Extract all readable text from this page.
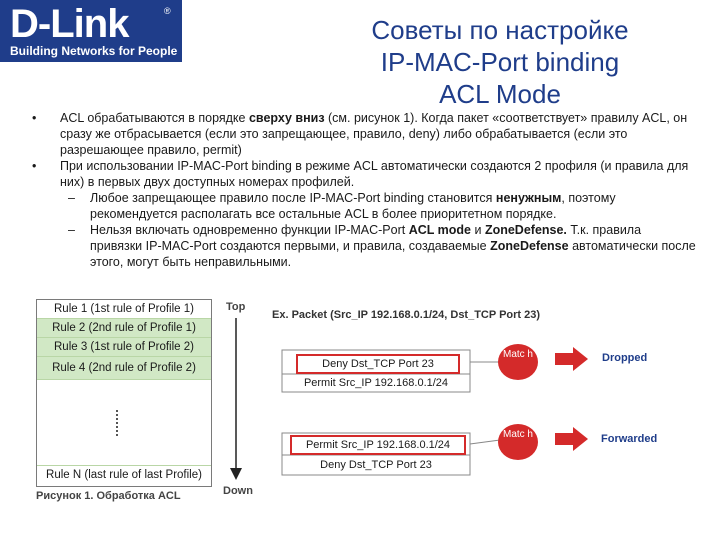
D-Link	®
Building Networks for People
Советы по настройке
IP-MAC-Port binding
ACL Mode
• ACL обрабатываются в порядке сверху вниз (см. рисунок 1). Когда пакет «соответствует» правилу ACL, он сразу же отбрасывается (если это запрещающее, правило, deny) либо обрабатывается (если это разрешающее правило, permit)
• При использовании IP-MAC-Port binding в режиме ACL автоматически создаются 2 профиля (и правила для них) в первых двух доступных номерах профилей.
– Любое запрещающее правило после IP-MAC-Port binding становится ненужным, поэтому рекомендуется располагать все остальные ACL в более приоритетном порядке.
– Нельзя включать одновременно функции IP-MAC-Port ACL mode и ZoneDefense. Т.к. правила привязки IP-MAC-Port создаются первыми, и правила, создаваемые ZoneDefense автоматически после этого, могут быть неправильными.
Rule 1 (1st rule of Profile 1)
Rule 2 (2nd rule of Profile 1)
Rule 3 (1st rule of Profile 2)
Rule 4 (2nd rule of Profile 2)
Rule N (last rule of last Profile)
Рисунок 1. Обработка ACL
Top
Down
Ex. Packet (Src_IP 192.168.0.1/24, Dst_TCP Port 23)
Deny Dst_TCP Port 23
Permit Src_IP 192.168.0.1/24
Permit Src_IP 192.168.0.1/24
Deny Dst_TCP Port 23
Matc h
Matc h
Dropped
Forwarded
